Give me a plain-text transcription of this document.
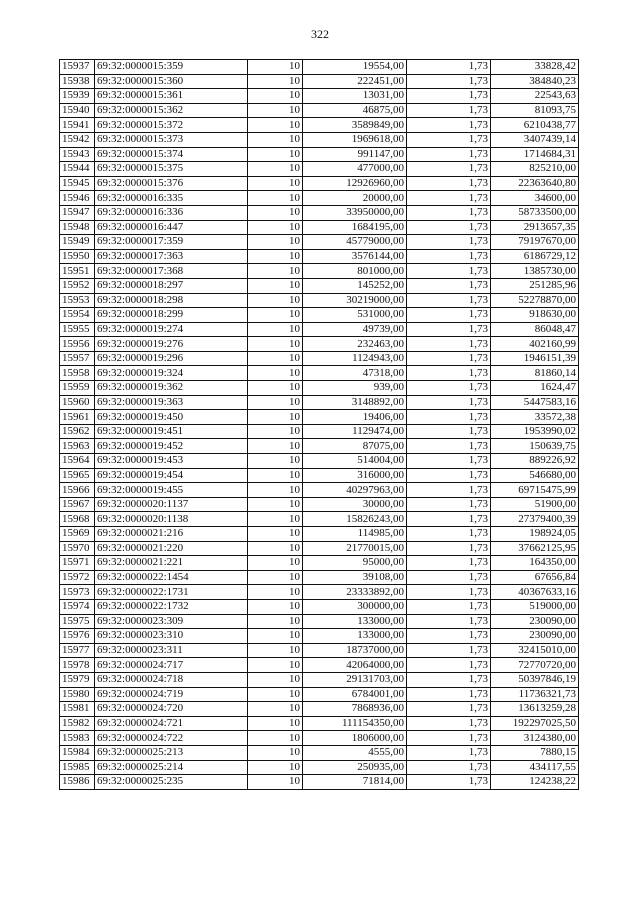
322
15937	69:32:0000015:359	10	19554,00	1,73	33828,42
15938	69:32:0000015:360	10	222451,00	1,73	384840,23
15939	69:32:0000015:361	10	13031,00	1,73	22543,63
15940	69:32:0000015:362	10	46875,00	1,73	81093,75
15941	69:32:0000015:372	10	3589849,00	1,73	6210438,77
15942	69:32:0000015:373	10	1969618,00	1,73	3407439,14
15943	69:32:0000015:374	10	991147,00	1,73	1714684,31
15944	69:32:0000015:375	10	477000,00	1,73	825210,00
15945	69:32:0000015:376	10	12926960,00	1,73	22363640,80
15946	69:32:0000016:335	10	20000,00	1,73	34600,00
15947	69:32:0000016:336	10	33950000,00	1,73	58733500,00
15948	69:32:0000016:447	10	1684195,00	1,73	2913657,35
15949	69:32:0000017:359	10	45779000,00	1,73	79197670,00
15950	69:32:0000017:363	10	3576144,00	1,73	6186729,12
15951	69:32:0000017:368	10	801000,00	1,73	1385730,00
15952	69:32:0000018:297	10	145252,00	1,73	251285,96
15953	69:32:0000018:298	10	30219000,00	1,73	52278870,00
15954	69:32:0000018:299	10	531000,00	1,73	918630,00
15955	69:32:0000019:274	10	49739,00	1,73	86048,47
15956	69:32:0000019:276	10	232463,00	1,73	402160,99
15957	69:32:0000019:296	10	1124943,00	1,73	1946151,39
15958	69:32:0000019:324	10	47318,00	1,73	81860,14
15959	69:32:0000019:362	10	939,00	1,73	1624,47
15960	69:32:0000019:363	10	3148892,00	1,73	5447583,16
15961	69:32:0000019:450	10	19406,00	1,73	33572,38
15962	69:32:0000019:451	10	1129474,00	1,73	1953990,02
15963	69:32:0000019:452	10	87075,00	1,73	150639,75
15964	69:32:0000019:453	10	514004,00	1,73	889226,92
15965	69:32:0000019:454	10	316000,00	1,73	546680,00
15966	69:32:0000019:455	10	40297963,00	1,73	69715475,99
15967	69:32:0000020:1137	10	30000,00	1,73	51900,00
15968	69:32:0000020:1138	10	15826243,00	1,73	27379400,39
15969	69:32:0000021:216	10	114985,00	1,73	198924,05
15970	69:32:0000021:220	10	21770015,00	1,73	37662125,95
15971	69:32:0000021:221	10	95000,00	1,73	164350,00
15972	69:32:0000022:1454	10	39108,00	1,73	67656,84
15973	69:32:0000022:1731	10	23333892,00	1,73	40367633,16
15974	69:32:0000022:1732	10	300000,00	1,73	519000,00
15975	69:32:0000023:309	10	133000,00	1,73	230090,00
15976	69:32:0000023:310	10	133000,00	1,73	230090,00
15977	69:32:0000023:311	10	18737000,00	1,73	32415010,00
15978	69:32:0000024:717	10	42064000,00	1,73	72770720,00
15979	69:32:0000024:718	10	29131703,00	1,73	50397846,19
15980	69:32:0000024:719	10	6784001,00	1,73	11736321,73
15981	69:32:0000024:720	10	7868936,00	1,73	13613259,28
15982	69:32:0000024:721	10	111154350,00	1,73	192297025,50
15983	69:32:0000024:722	10	1806000,00	1,73	3124380,00
15984	69:32:0000025:213	10	4555,00	1,73	7880,15
15985	69:32:0000025:214	10	250935,00	1,73	434117,55
15986	69:32:0000025:235	10	71814,00	1,73	124238,22
